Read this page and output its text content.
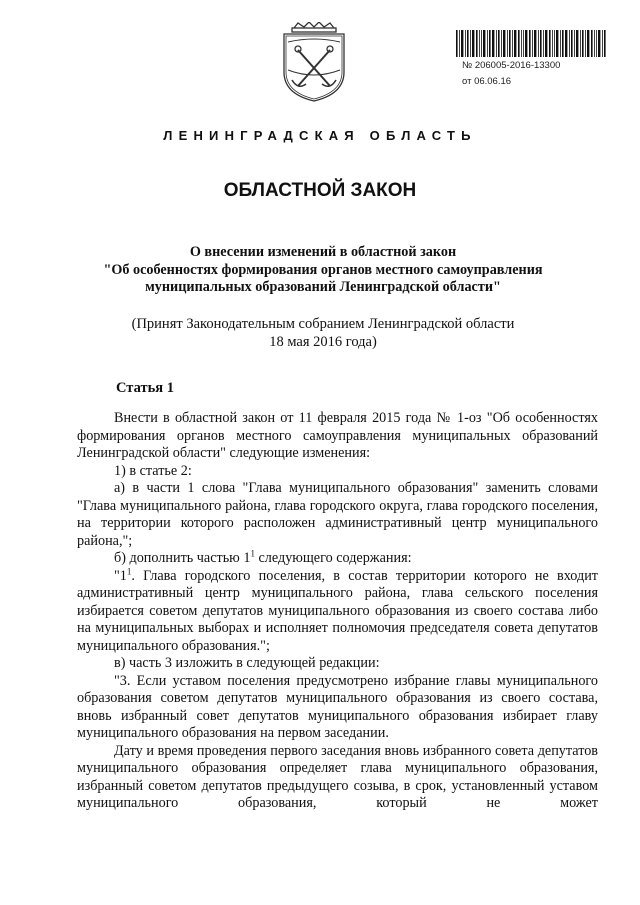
№ 206005-2016-13300
от 06.06.16
ЛЕНИНГРАДСКАЯ ОБЛАСТЬ
ОБЛАСТНОЙ ЗАКОН
О внесении изменений в областной закон
"Об особенностях формирования органов местного самоуправления
муниципальных образований Ленинградской области"
(Принят Законодательным собранием Ленинградской области
18 мая 2016 года)
Статья 1

Внести в областной закон от 11 февраля 2015 года № 1-оз "Об особенностях формирования органов местного самоуправления муниципальных образований Ленинградской области" следующие изменения:

1) в статье 2:

а) в части 1 слова "Глава муниципального образования" заменить словами "Глава муниципального района, глава городского округа, глава городского поселения, на территории которого расположен административный центр муниципального района,";

б) дополнить частью $1^1$ следующего содержания:

"$1^1$. Глава городского поселения, в состав территории которого не входит административный центр муниципального района, глава сельского поселения избирается советом депутатов муниципального образования из своего состава либо на муниципальных выборах и исполняет полномочия председателя совета депутатов муниципального образования.";

в) часть 3 изложить в следующей редакции:

"3. Если уставом поселения предусмотрено избрание главы муниципального образования советом депутатов муниципального образования из своего состава, вновь избранный совет депутатов муниципального образования избирает главу муниципального образования на первом заседании.

Дату и время проведения первого заседания вновь избранного совета депутатов муниципального образования определяет глава муниципального образования, избранный советом депутатов предыдущего созыва, в срок, установленный уставом муниципального образования, который не может
